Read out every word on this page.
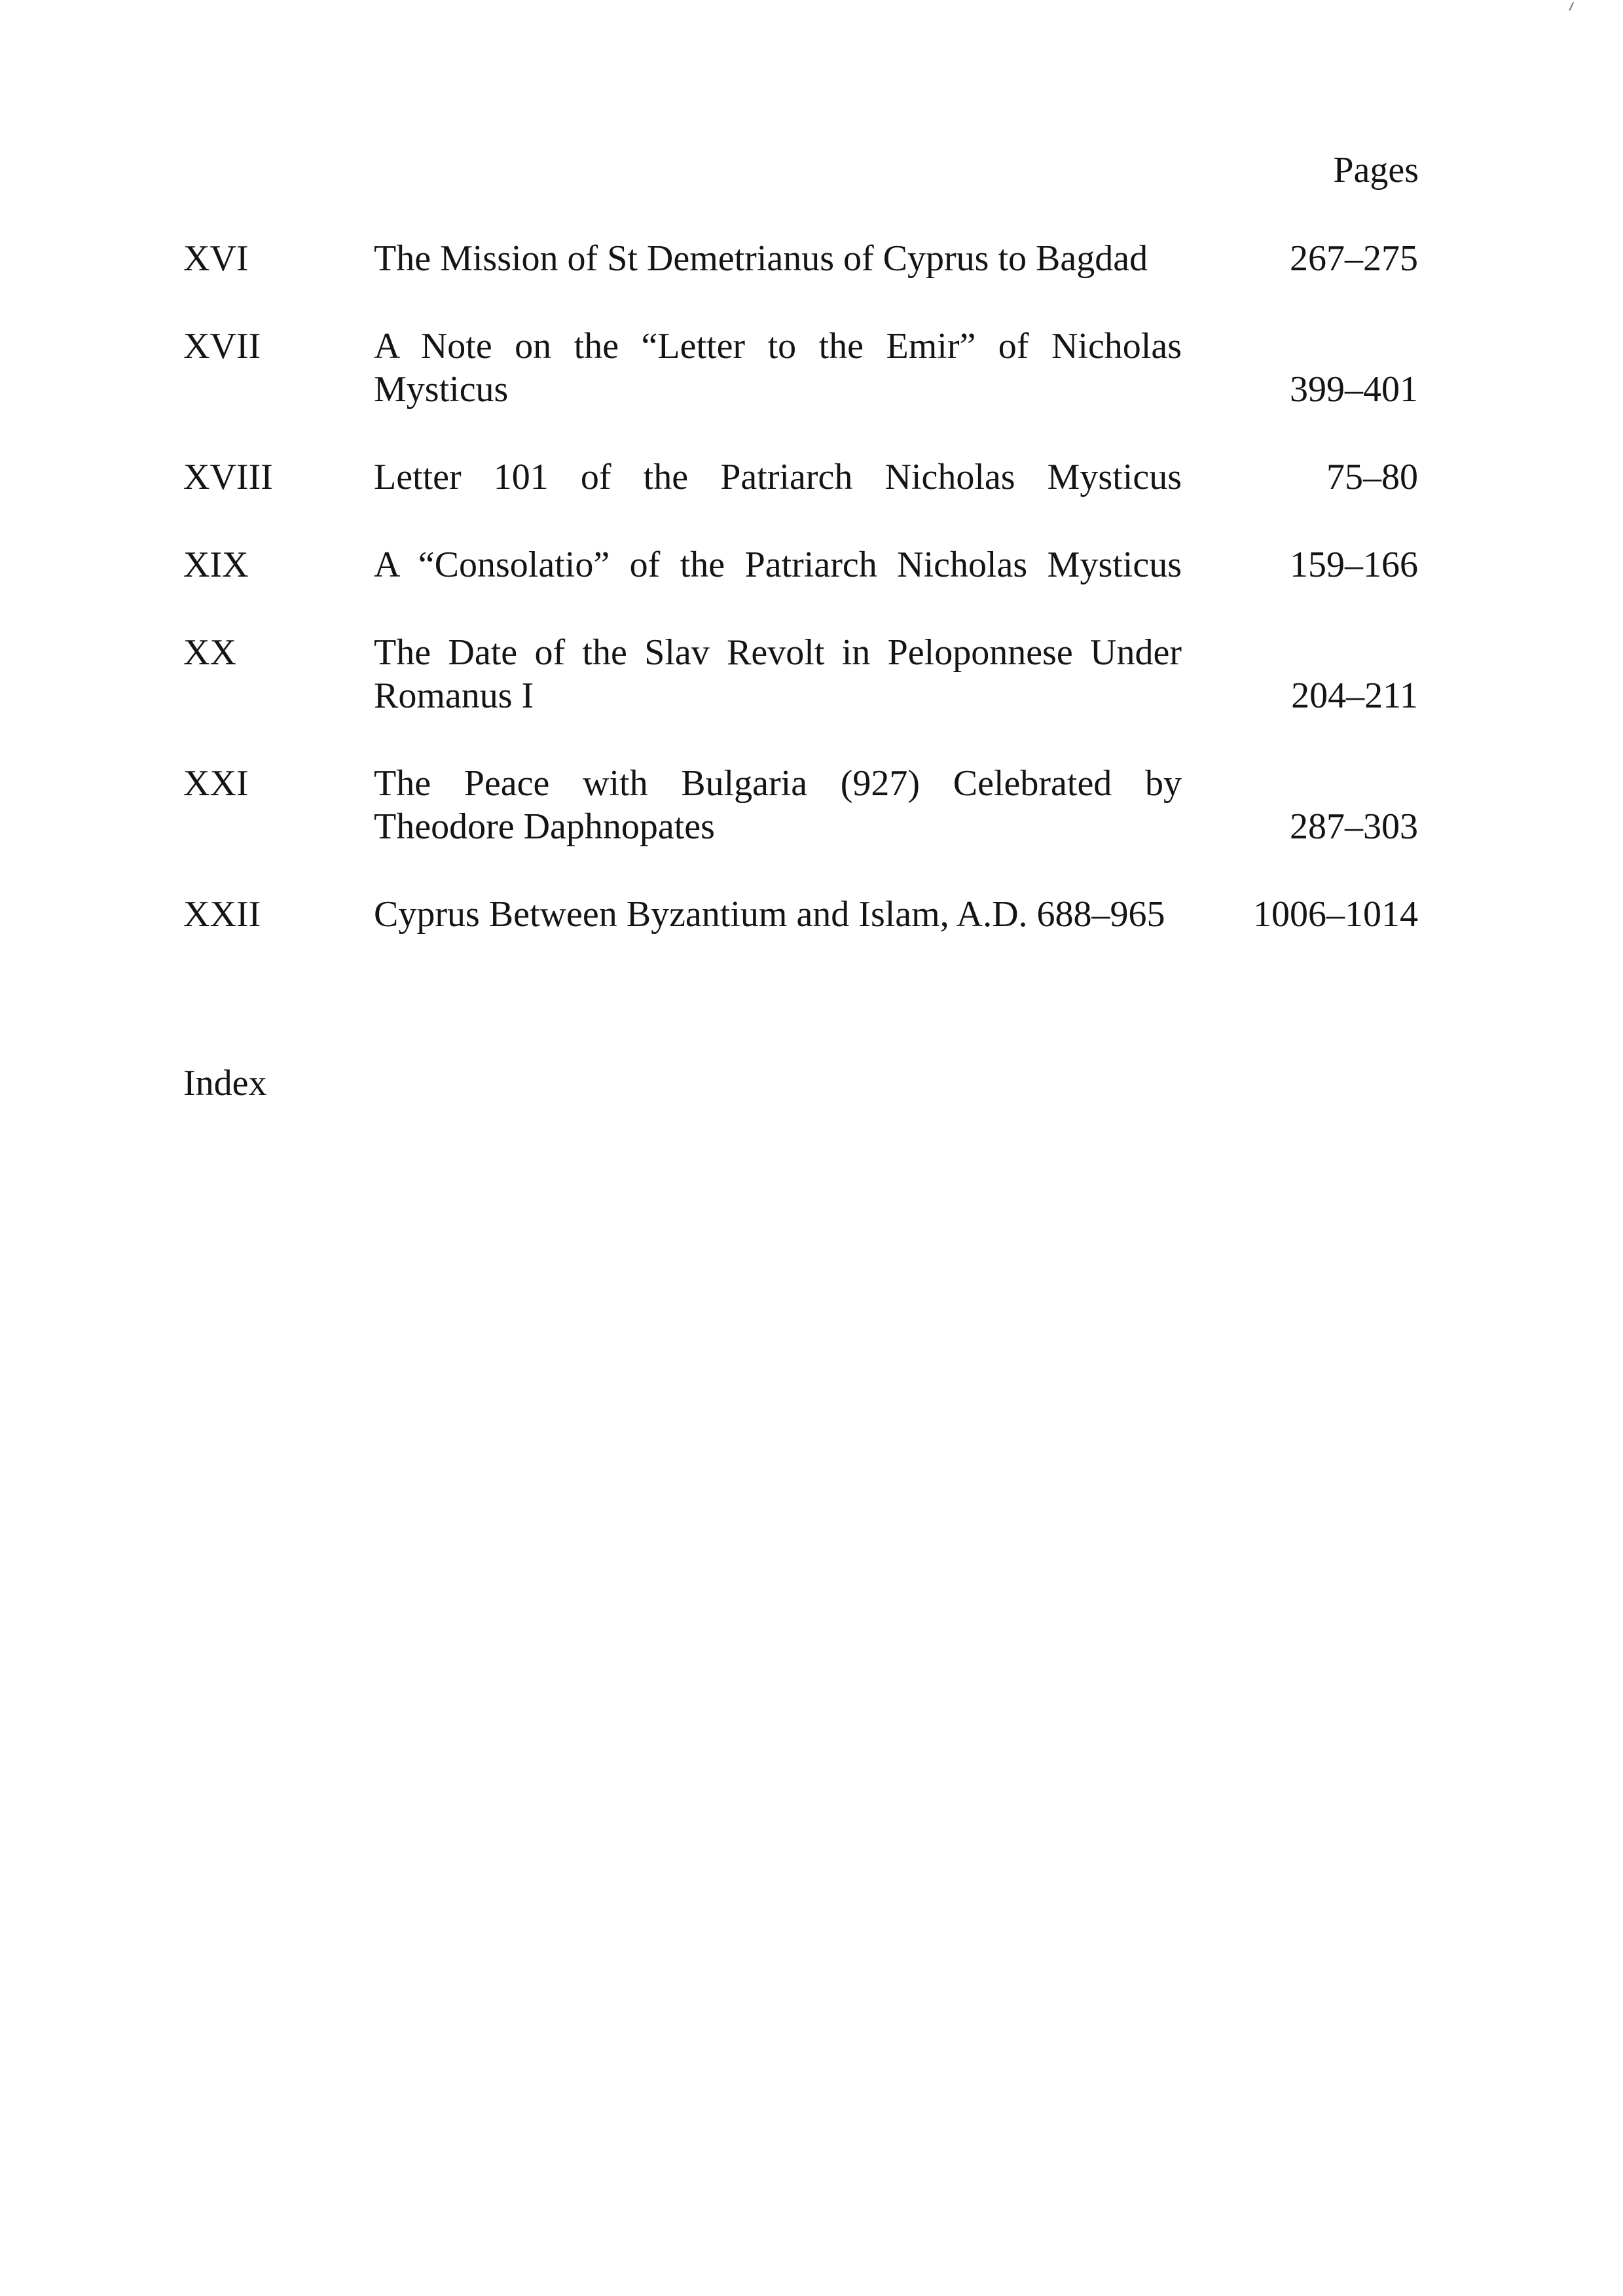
Pages
XVI	The Mission of St Demetrianus of Cyprus to Bagdad	267–275
XVII	A Note on the “Letter to the Emir” of Nicholas Mysticus	399–401
XVIII	Letter 101 of the Patriarch Nicholas Mysticus	75–80
XIX	A “Consolatio” of the Patriarch Nicholas Mysticus	159–166
XX	The Date of the Slav Revolt in Peloponnese Under Romanus I	204–211
XXI	The Peace with Bulgaria (927) Celebrated by Theodore Daphnopates	287–303
XXII	Cyprus Between Byzantium and Islam, A.D. 688–965	1006–1014
Index
